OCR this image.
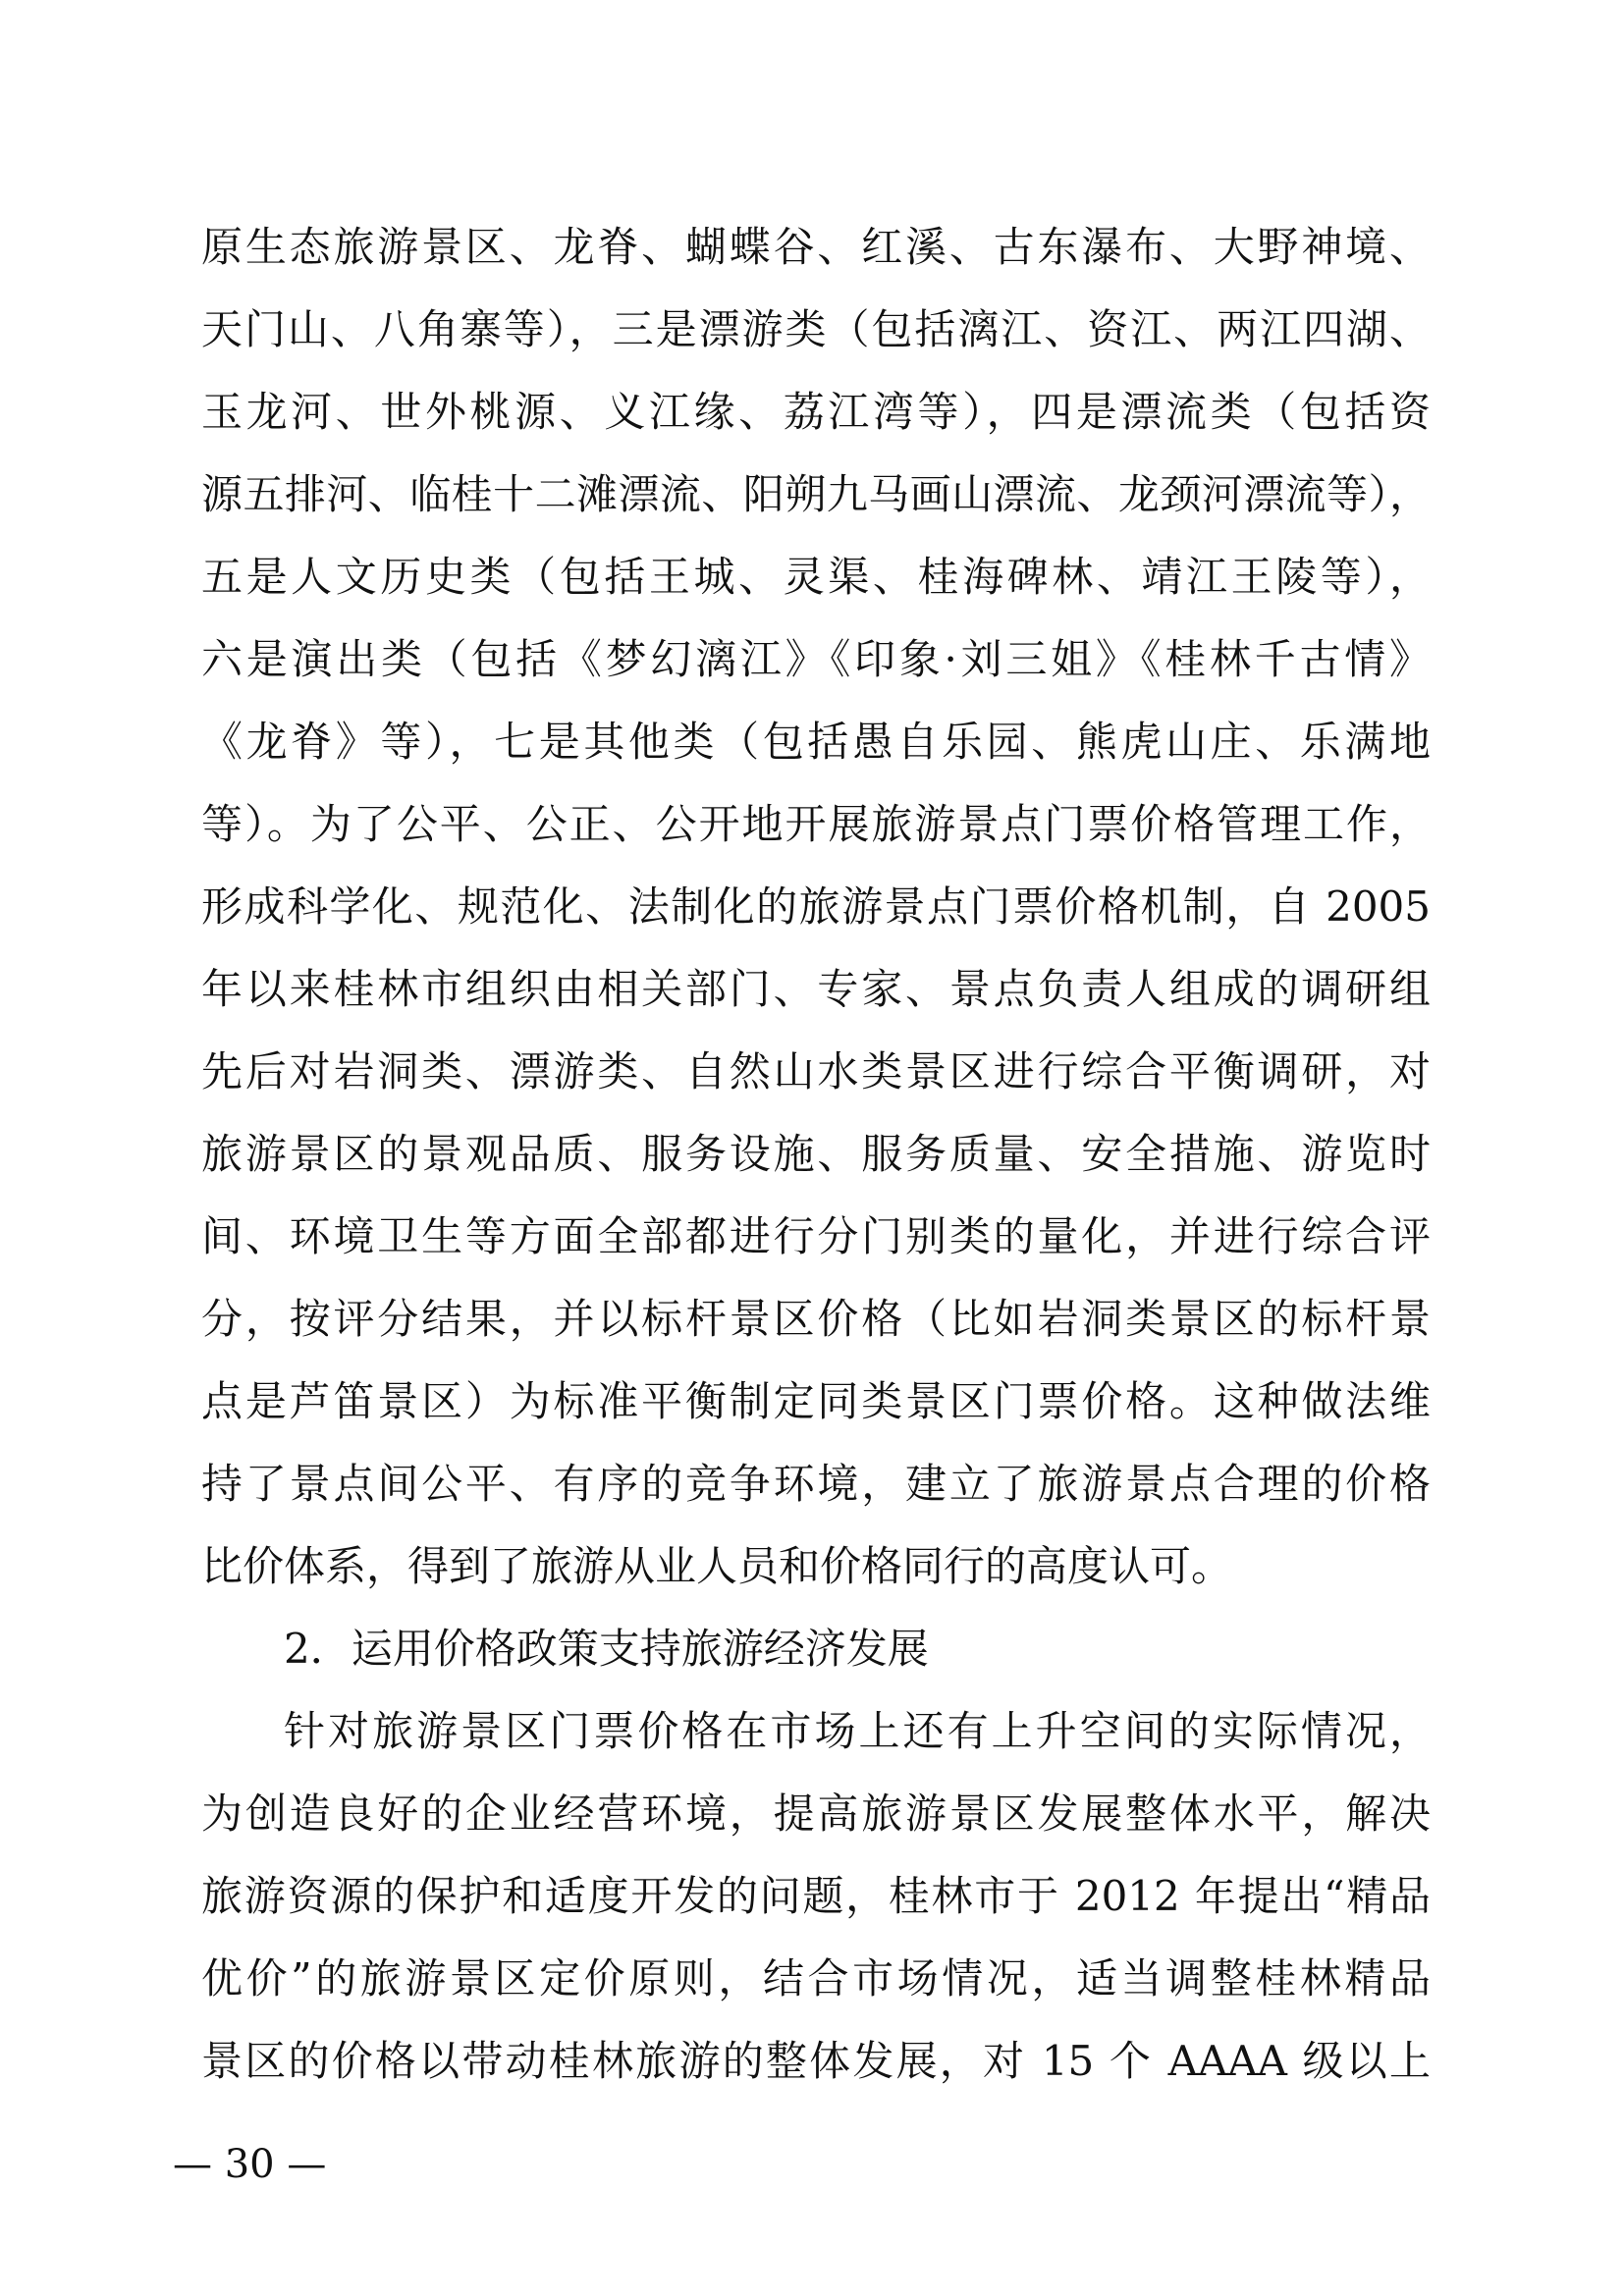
原生态旅游景区、龙脊、蝴蝶谷、红溪、古东瀑布、大野神境、
天门山、八角寨等），三是漂游类（包括漓江、资江、两江四湖、
玉龙河、世外桃源、义江缘、荔江湾等），四是漂流类（包括资
源五排河、临桂十二滩漂流、阳朔九马画山漂流、龙颈河漂流等），
五是人文历史类（包括王城、灵渠、桂海碑林、靖江王陵等），
六是演出类（包括《梦幻漓江》《印象·刘三姐》《桂林千古情》
《龙脊》等），七是其他类（包括愚自乐园、熊虎山庄、乐满地
等）。为了公平、公正、公开地开展旅游景点门票价格管理工作，
形成科学化、规范化、法制化的旅游景点门票价格机制，自 2005
年以来桂林市组织由相关部门、专家、景点负责人组成的调研组
先后对岩洞类、漂游类、自然山水类景区进行综合平衡调研，对
旅游景区的景观品质、服务设施、服务质量、安全措施、游览时
间、环境卫生等方面全部都进行分门别类的量化，并进行综合评
分，按评分结果，并以标杆景区价格（比如岩洞类景区的标杆景
点是芦笛景区）为标准平衡制定同类景区门票价格。这种做法维
持了景点间公平、有序的竞争环境，建立了旅游景点合理的价格
比价体系，得到了旅游从业人员和价格同行的高度认可。
2．运用价格政策支持旅游经济发展
针对旅游景区门票价格在市场上还有上升空间的实际情况，
为创造良好的企业经营环境，提高旅游景区发展整体水平，解决
旅游资源的保护和适度开发的问题，桂林市于 2012 年提出“精品
优价”的旅游景区定价原则，结合市场情况，适当调整桂林精品
景区的价格以带动桂林旅游的整体发展，对 15 个 AAAA 级以上
— 30 —
